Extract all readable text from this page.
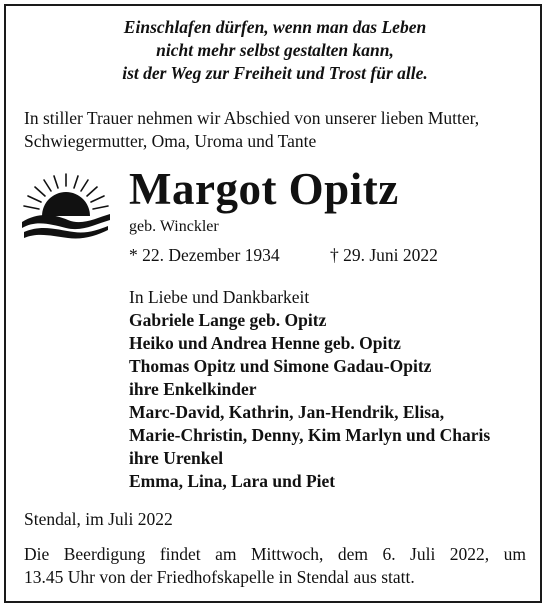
Einschlafen dürfen, wenn man das Leben
nicht mehr selbst gestalten kann,
ist der Weg zur Freiheit und Trost für alle.
In stiller Trauer nehmen wir Abschied von unserer lieben Mutter,
Schwiegermutter, Oma, Uroma und Tante
Margot Opitz
geb. Winckler
* 22. Dezember 1934	† 29. Juni 2022
In Liebe und Dankbarkeit
Gabriele Lange geb. Opitz
Heiko und Andrea Henne geb. Opitz
Thomas Opitz und Simone Gadau-Opitz
ihre Enkelkinder
Marc-David, Kathrin, Jan-Hendrik, Elisa,
Marie-Christin, Denny, Kim Marlyn und Charis
ihre Urenkel
Emma, Lina, Lara und Piet
Stendal, im Juli 2022
Die Beerdigung findet am Mittwoch, dem 6. Juli 2022, um
13.45 Uhr von der Friedhofskapelle in Stendal aus statt.
